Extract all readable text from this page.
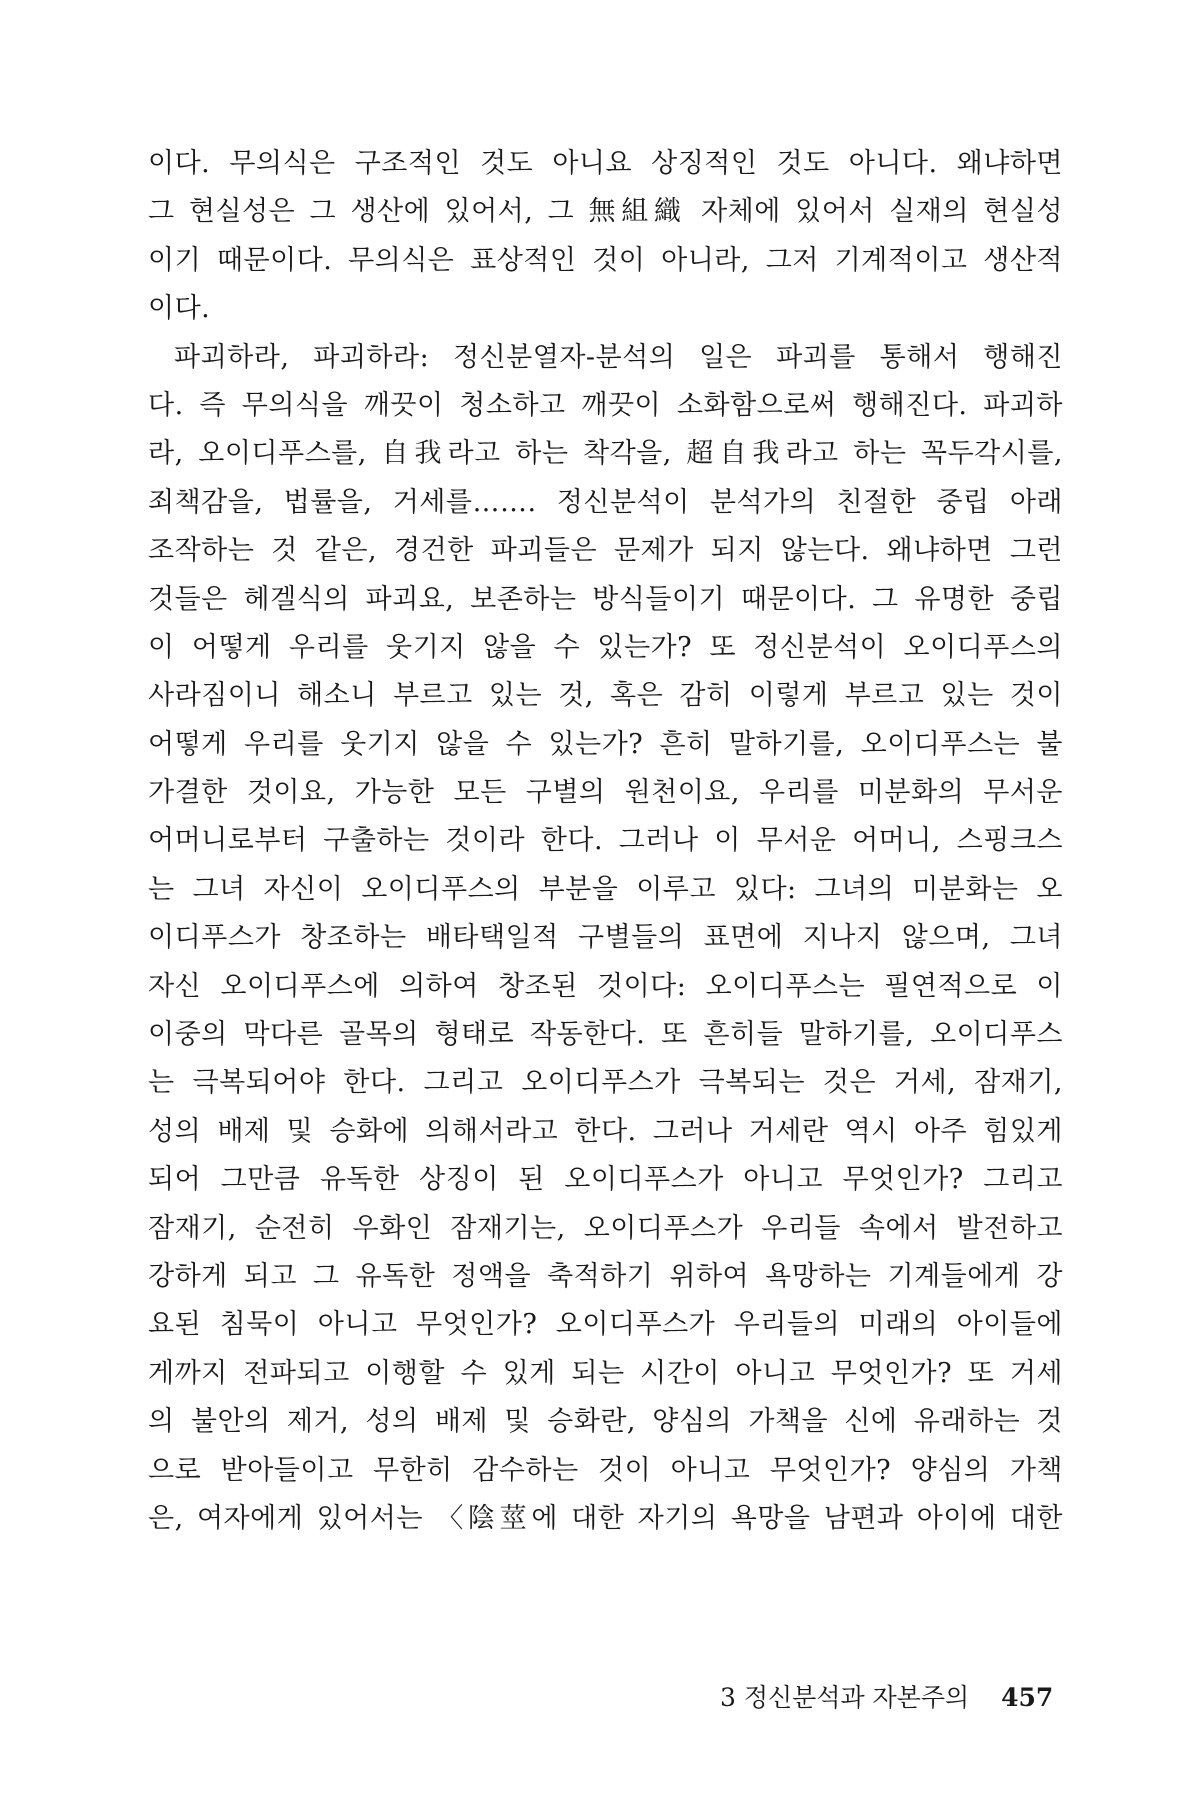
이다. 무의식은 구조적인 것도 아니요 상징적인 것도 아니다. 왜냐하면
그 현실성은 그 생산에 있어서, 그 無組織 자체에 있어서 실재의 현실성
이기 때문이다. 무의식은 표상적인 것이 아니라, 그저 기계적이고 생산적
이다.
파괴하라, 파괴하라: 정신분열자-분석의 일은 파괴를 통해서 행해진
다. 즉 무의식을 깨끗이 청소하고 깨끗이 소화함으로써 행해진다. 파괴하
라, 오이디푸스를, 自我라고 하는 착각을, 超自我라고 하는 꼭두각시를,
죄책감을, 법률을, 거세를……. 정신분석이 분석가의 친절한 중립 아래
조작하는 것 같은, 경건한 파괴들은 문제가 되지 않는다. 왜냐하면 그런
것들은 헤겔식의 파괴요, 보존하는 방식들이기 때문이다. 그 유명한 중립
이 어떻게 우리를 웃기지 않을 수 있는가? 또 정신분석이 오이디푸스의
사라짐이니 해소니 부르고 있는 것, 혹은 감히 이렇게 부르고 있는 것이
어떻게 우리를 웃기지 않을 수 있는가? 흔히 말하기를, 오이디푸스는 불
가결한 것이요, 가능한 모든 구별의 원천이요, 우리를 미분화의 무서운
어머니로부터 구출하는 것이라 한다. 그러나 이 무서운 어머니, 스핑크스
는 그녀 자신이 오이디푸스의 부분을 이루고 있다: 그녀의 미분화는 오
이디푸스가 창조하는 배타택일적 구별들의 표면에 지나지 않으며, 그녀
자신 오이디푸스에 의하여 창조된 것이다: 오이디푸스는 필연적으로 이
이중의 막다른 골목의 형태로 작동한다. 또 흔히들 말하기를, 오이디푸스
는 극복되어야 한다. 그리고 오이디푸스가 극복되는 것은 거세, 잠재기,
성의 배제 및 승화에 의해서라고 한다. 그러나 거세란 역시 아주 힘있게
되어 그만큼 유독한 상징이 된 오이디푸스가 아니고 무엇인가? 그리고
잠재기, 순전히 우화인 잠재기는, 오이디푸스가 우리들 속에서 발전하고
강하게 되고 그 유독한 정액을 축적하기 위하여 욕망하는 기계들에게 강
요된 침묵이 아니고 무엇인가? 오이디푸스가 우리들의 미래의 아이들에
게까지 전파되고 이행할 수 있게 되는 시간이 아니고 무엇인가? 또 거세
의 불안의 제거, 성의 배제 및 승화란, 양심의 가책을 신에 유래하는 것
으로 받아들이고 무한히 감수하는 것이 아니고 무엇인가? 양심의 가책
은, 여자에게 있어서는 〈陰莖에 대한 자기의 욕망을 남편과 아이에 대한
3 정신분석과 자본주의 457
